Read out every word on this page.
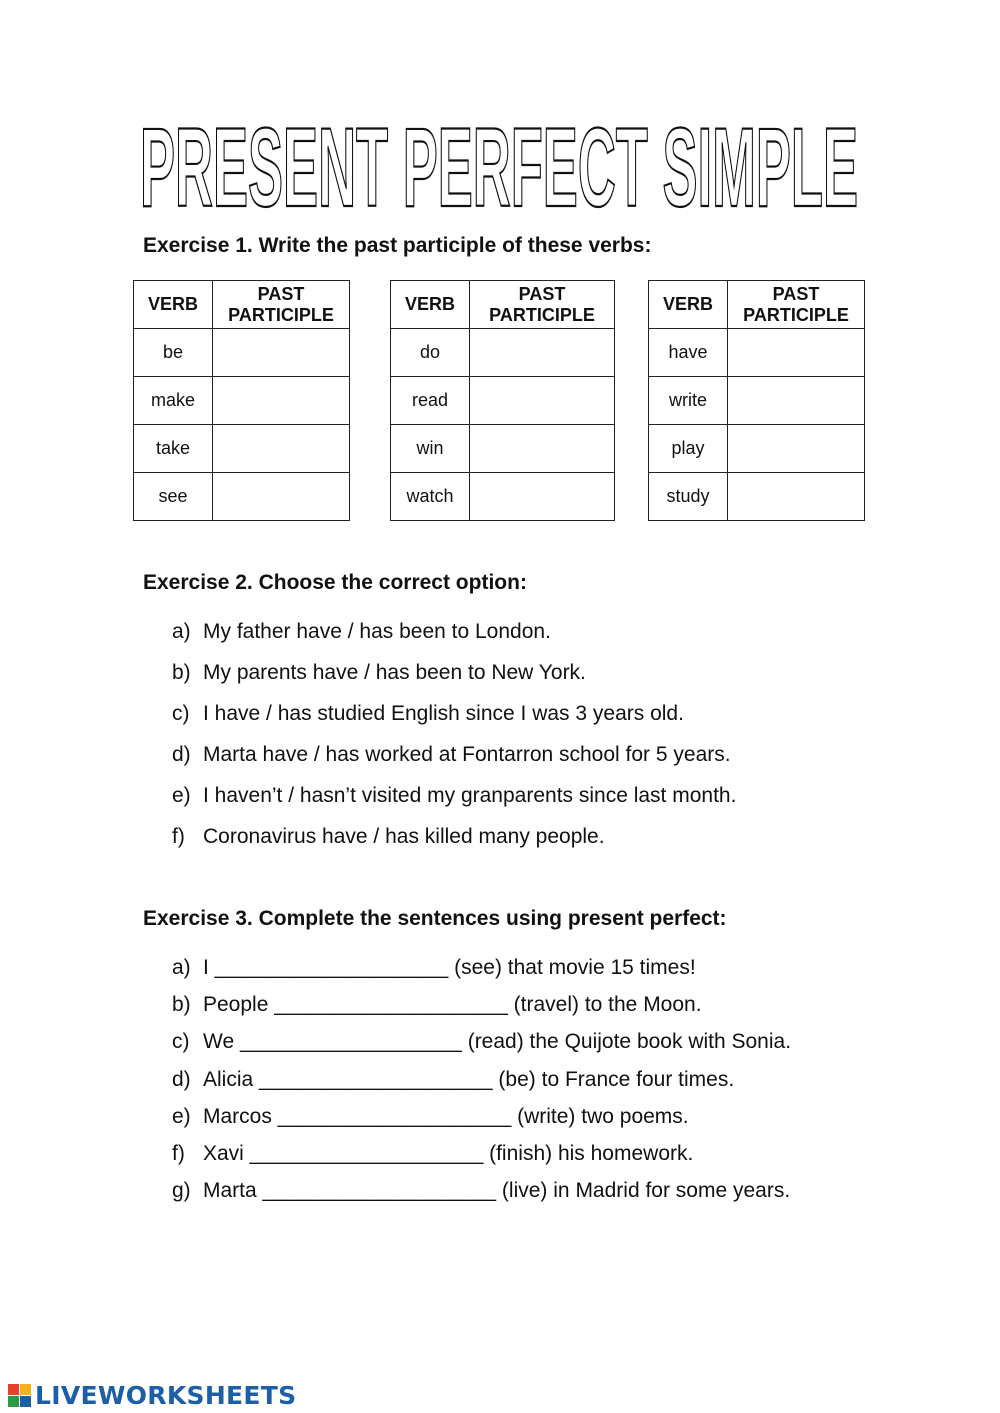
PRESENT PERFECT SIMPLE
Exercise 1. Write the past participle of these verbs:
VERB	PAST
PARTICIPLE
be	
make	
take	
see	
VERB	PAST
PARTICIPLE
do	
read	
win	
watch	
VERB	PAST
PARTICIPLE
have	
write	
play	
study	
Exercise 2. Choose the correct option:
a) My father have / has been to London.
b) My parents have / has been to New York.
c) I have / has studied English since I was 3 years old.
d) Marta have / has worked at Fontarron school for 5 years.
e) I haven’t / hasn’t visited my granparents since last month.
f) Coronavirus have / has killed many people.
Exercise 3. Complete the sentences using present perfect:
a) I ____________________ (see) that movie 15 times!
b) People ____________________ (travel) to the Moon.
c) We ___________________ (read) the Quijote book with Sonia.
d) Alicia ____________________ (be) to France four times.
e) Marcos ____________________ (write) two poems.
f) Xavi ____________________ (finish) his homework.
g) Marta ____________________ (live) in Madrid for some years.
LIVEWORKSHEETS
